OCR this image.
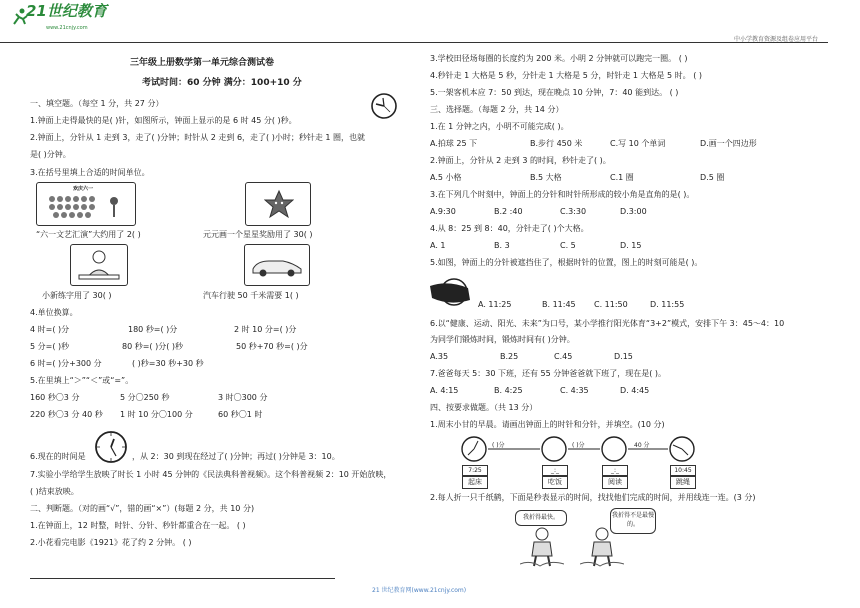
21世纪教育
www.21cnjy.com
中小学教育资源及组卷应用平台
三年级上册数学第一单元综合测试卷
考试时间：60 分钟 满分：100+10 分
一、填空题。（每空 1 分，共 27 分）
1.钟面上走得最快的是( )针，如图所示，钟面上显示的是 6 时 45 分( )秒。
2.钟面上，分针从 1 走到 3，走了( )分钟；时针从 2 走到 6，走了( )小时；秒针走 1 圈，也就
是( )分钟。
3.在括号里填上合适的时间单位。
欢庆六一
“六一文艺汇演”大约用了 2( )	元元画一个星星奖励用了 30( )
小新练字用了 30( )	汽车行驶 50 千米需要 1( )
4.单位换算。
4 时=( )分	180 秒=( )分	2 时 10 分=( )分
5 分=( )秒	80 秒=( )分( )秒	50 秒+70 秒=( )分
6 时=( )分+300 分	( )秒=30 秒+30 秒
5.在里填上“＞”“＜”或“=”。
160 秒〇3 分	5 分〇250 秒	3 时〇300 分
220 秒〇3 分 40 秒 1 时 10 分〇100 分	60 秒〇1 时
6.现在的时间是	，从 2：30 到现在经过了( )分钟；再过( )分钟是 3：10。
7.实验小学给学生放映了时长 1 小时 45 分钟的《民法典科普视频》。这个科普视频 2：10 开始放映，
( )结束放映。
二、判断题。（对的画“√”，错的画“×”）(每题 2 分，共 10 分)
1.在钟面上，12 时整，时针、分针、秒针都重合在一起。 ( )
2.小花看完电影《1921》花了约 2 分钟。 ( )
3.学校田径场每圈的长度约为 200 米。小明 2 分钟就可以跑完一圈。 ( )
4.秒针走 1 大格是 5 秒，分针走 1 大格是 5 分，时针走 1 大格是 5 时。 ( )
5.一架客机本应 7：50 到达，现在晚点 10 分钟，7：40 能到达。 ( )
三、选择题。（每题 2 分，共 14 分）
1.在 1 分钟之内，小明不可能完成( )。
A.拍球 25 下	B.步行 450 米	C.写 10 个单词	D.画一个四边形
2.钟面上，分针从 2 走到 3 的时间，秒针走了( )。
A.5 小格	B.5 大格	C.1 圈	D.5 圈
3.在下列几个时刻中，钟面上的分针和时针所形成的较小角是直角的是( )。
A.9:30	B.2 :40	C.3:30	D.3:00
4.从 8：25 到 8：40，分针走了( )个大格。
A. 1	B. 3	C. 5	D. 15
5.如图，钟面上的分针被遮挡住了，根据时针的位置，图上的时刻可能是( )。
A. 11:25	B. 11:45 C. 11:50	D. 11:55
6.以“健康、运动、阳光、未来”为口号，某小学推行阳光体育“3+2”模式，安排下午 3：45～4：10
为同学们锻炼时间，锻炼时间有( )分钟。
A.35	B.25	C.45	D.15
7.爸爸每天 5：30 下班，还有 55 分钟爸爸就下班了，现在是( )。
A. 4:15	B. 4:25	C. 4:35	D. 4:45
四、按要求做题。（共 13 分）
1.周末小甘的早晨。请画出钟面上的时针和分针，并填空。(10 分)
( )分	( )分	40 分
7:25	_:_	_:_	10:45
起床	吃饭	阅读	跳绳
2.每人折一只千纸鹤，下面是秒表显示的时间，找找他们完成的时间，并用线连一连。(3 分)
我折得最快。	我折得不是最慢的。
21 世纪教育网(www.21cnjy.com)
